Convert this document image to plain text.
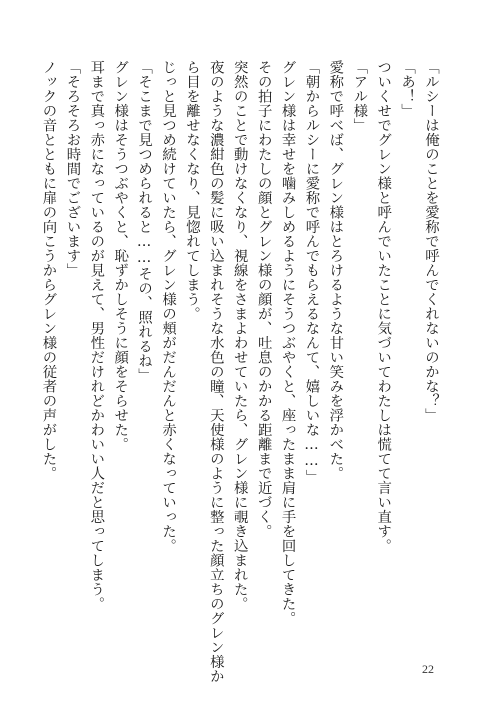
「ルシーは俺のことを愛称で呼んでくれないのかな？」
「あ！」
ついくせでグレン様と呼んでいたことに気づいてわたしは慌てて言い直す。
「アル様」
愛称で呼べば、グレン様はとろけるような甘い笑みを浮かべた。
「朝からルシーに愛称で呼んでもらえるなんて、嬉しいな……」
グレン様は幸せを噛みしめるようにそうつぶやくと、座ったまま肩に手を回してきた。
その拍子にわたしの顔とグレン様の顔が、吐息のかかる距離まで近づく。
突然のことで動けなくなり、視線をさまよわせていたら、グレン様に覗き込まれた。
夜のような濃紺色の髪に吸い込まれそうな水色の瞳、天使様のように整った顔立ちのグレン様か
ら目を離せなくなり、見惚れてしまう。
じっと見つめ続けていたら、グレン様の頬がだんだんと赤くなっていった。
「そこまで見つめられると……その、照れるね」
グレン様はそうつぶやくと、恥ずかしそうに顔をそらせた。
耳まで真っ赤になっているのが見えて、男性だけれどかわいい人だと思ってしまう。
「そろそろお時間でございます」
ノックの音とともに扉の向こうからグレン様の従者の声がした。
22
